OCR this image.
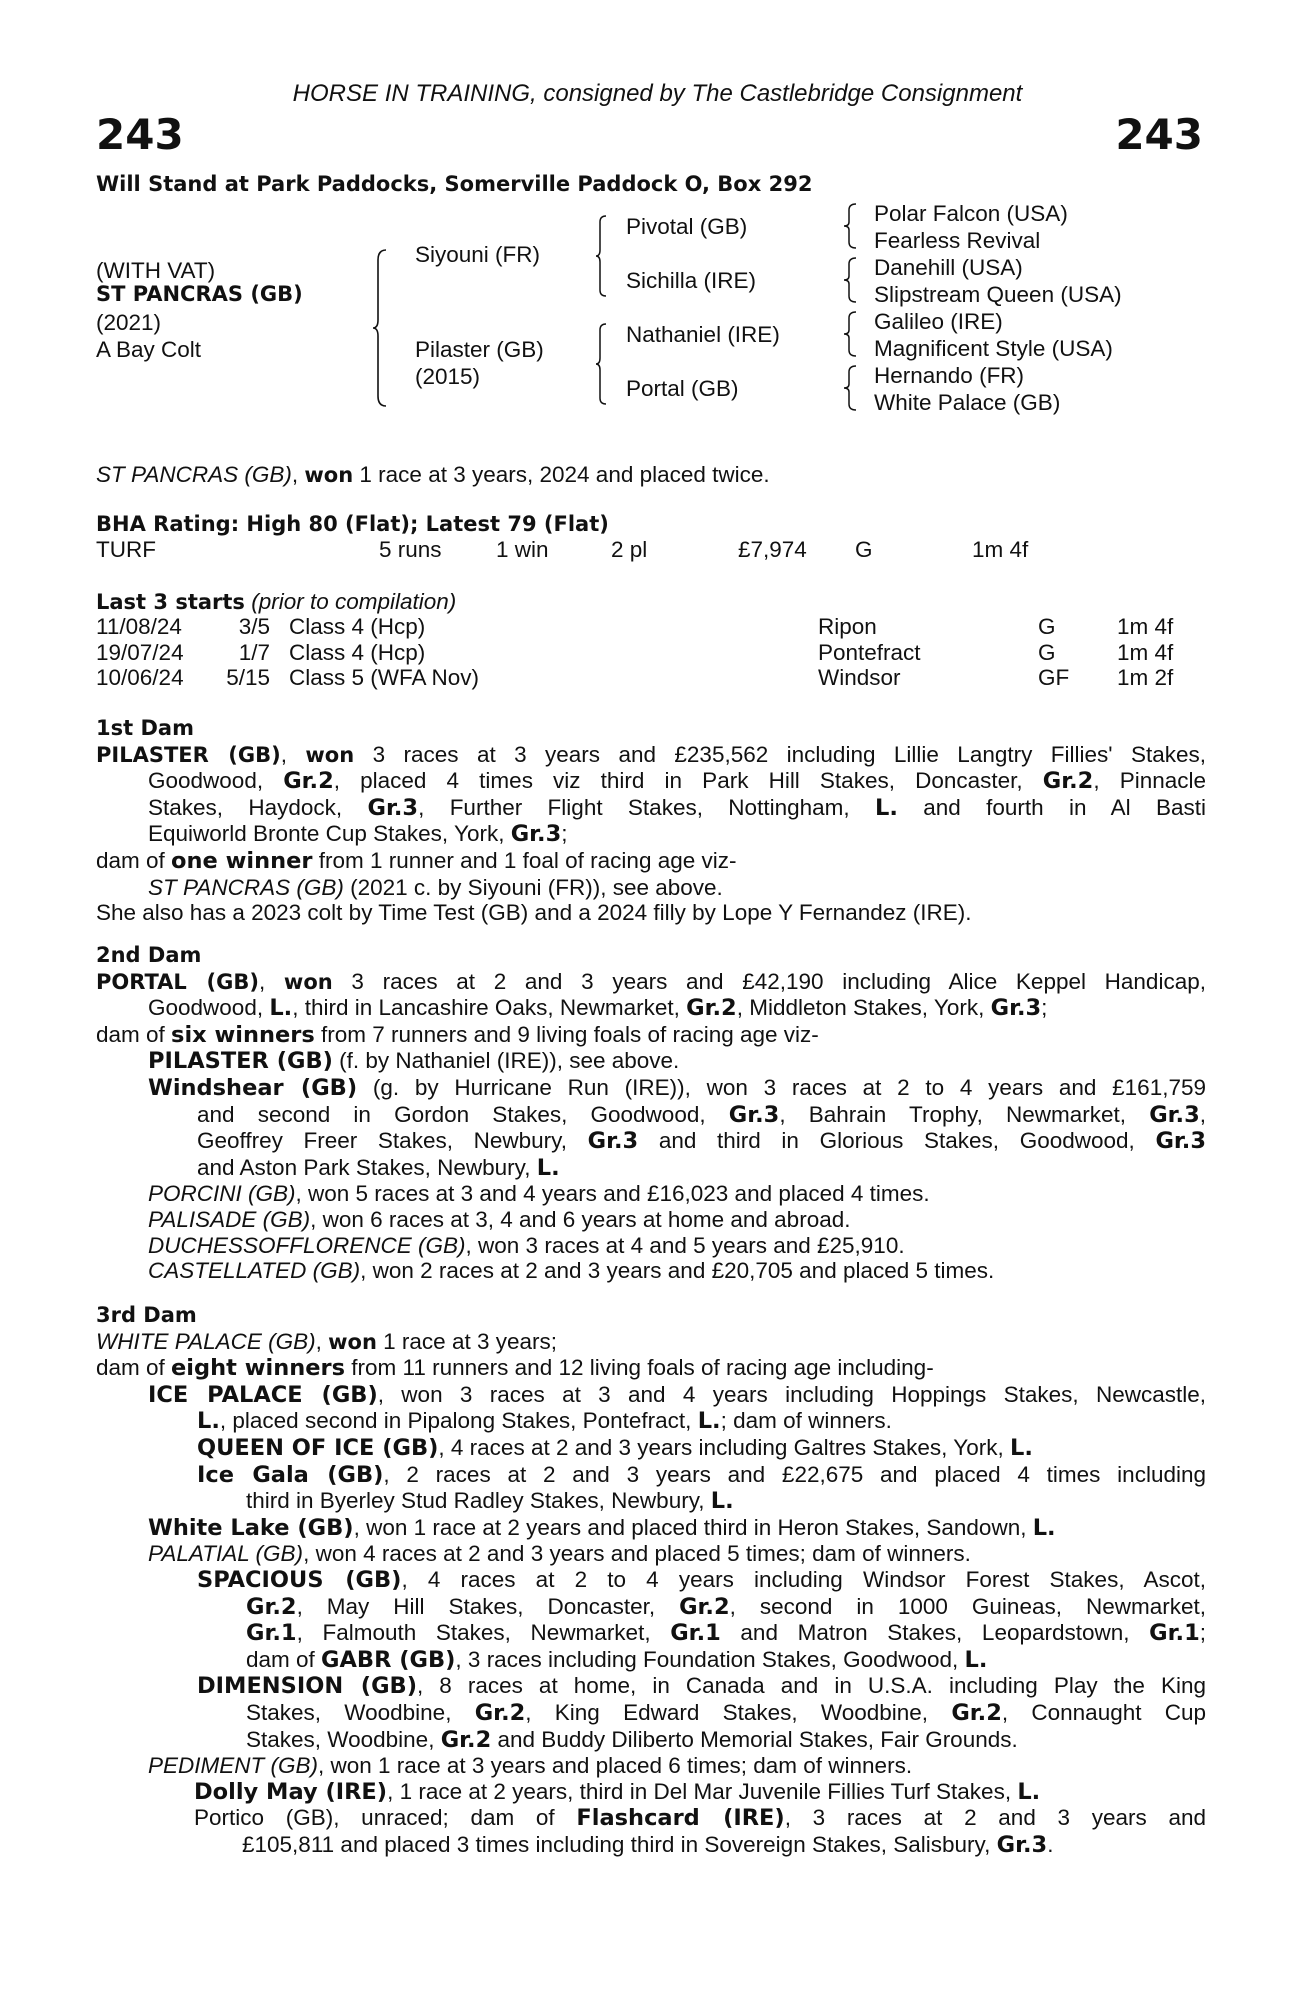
HORSE IN TRAINING, consigned by The Castlebridge Consignment
243	243
Will Stand at Park Paddocks, Somerville Paddock O, Box 292
(WITH VAT)
ST PANCRAS (GB)
(2021)
A Bay Colt
Siyouni (FR)
Pilaster (GB)
(2015)
Pivotal (GB)
Sichilla (IRE)
Nathaniel (IRE)
Portal (GB)
Polar Falcon (USA)
Fearless Revival
Danehill (USA)
Slipstream Queen (USA)
Galileo (IRE)
Magnificent Style (USA)
Hernando (FR)
White Palace (GB)
ST PANCRAS (GB), won 1 race at 3 years, 2024 and placed twice.
BHA Rating: High 80 (Flat); Latest 79 (Flat)
TURF	5 runs 1 win	2 pl	£7,974 G	1m 4f
Last 3 starts (prior to compilation)
11/08/24	3/5 Class 4 (Hcp)	Ripon	G	1m 4f
19/07/24	1/7 Class 4 (Hcp)	Pontefract	G	1m 4f
10/06/24 5/15 Class 5 (WFA Nov)	Windsor	GF 1m 2f
1st Dam
PILASTER (GB), won 3 races at 3 years and £235,562 including Lillie Langtry Fillies' Stakes,
Goodwood, Gr.2, placed 4 times viz third in Park Hill Stakes, Doncaster, Gr.2, Pinnacle
Stakes, Haydock, Gr.3, Further Flight Stakes, Nottingham, L. and fourth in Al Basti
Equiworld Bronte Cup Stakes, York, Gr.3;
dam of one winner from 1 runner and 1 foal of racing age viz-
ST PANCRAS (GB) (2021 c. by Siyouni (FR)), see above.
She also has a 2023 colt by Time Test (GB) and a 2024 filly by Lope Y Fernandez (IRE).
2nd Dam
PORTAL (GB), won 3 races at 2 and 3 years and £42,190 including Alice Keppel Handicap,
Goodwood, L., third in Lancashire Oaks, Newmarket, Gr.2, Middleton Stakes, York, Gr.3;
dam of six winners from 7 runners and 9 living foals of racing age viz-
PILASTER (GB) (f. by Nathaniel (IRE)), see above.
Windshear (GB) (g. by Hurricane Run (IRE)), won 3 races at 2 to 4 years and £161,759
and second in Gordon Stakes, Goodwood, Gr.3, Bahrain Trophy, Newmarket, Gr.3,
Geoffrey Freer Stakes, Newbury, Gr.3 and third in Glorious Stakes, Goodwood, Gr.3
and Aston Park Stakes, Newbury, L.
PORCINI (GB), won 5 races at 3 and 4 years and £16,023 and placed 4 times.
PALISADE (GB), won 6 races at 3, 4 and 6 years at home and abroad.
DUCHESSOFFLORENCE (GB), won 3 races at 4 and 5 years and £25,910.
CASTELLATED (GB), won 2 races at 2 and 3 years and £20,705 and placed 5 times.
3rd Dam
WHITE PALACE (GB), won 1 race at 3 years;
dam of eight winners from 11 runners and 12 living foals of racing age including-
ICE PALACE (GB), won 3 races at 3 and 4 years including Hoppings Stakes, Newcastle,
L., placed second in Pipalong Stakes, Pontefract, L.; dam of winners.
QUEEN OF ICE (GB), 4 races at 2 and 3 years including Galtres Stakes, York, L.
Ice Gala (GB), 2 races at 2 and 3 years and £22,675 and placed 4 times including
third in Byerley Stud Radley Stakes, Newbury, L.
White Lake (GB), won 1 race at 2 years and placed third in Heron Stakes, Sandown, L.
PALATIAL (GB), won 4 races at 2 and 3 years and placed 5 times; dam of winners.
SPACIOUS (GB), 4 races at 2 to 4 years including Windsor Forest Stakes, Ascot,
Gr.2, May Hill Stakes, Doncaster, Gr.2, second in 1000 Guineas, Newmarket,
Gr.1, Falmouth Stakes, Newmarket, Gr.1 and Matron Stakes, Leopardstown, Gr.1;
dam of GABR (GB), 3 races including Foundation Stakes, Goodwood, L.
DIMENSION (GB), 8 races at home, in Canada and in U.S.A. including Play the King
Stakes, Woodbine, Gr.2, King Edward Stakes, Woodbine, Gr.2, Connaught Cup
Stakes, Woodbine, Gr.2 and Buddy Diliberto Memorial Stakes, Fair Grounds.
PEDIMENT (GB), won 1 race at 3 years and placed 6 times; dam of winners.
Dolly May (IRE), 1 race at 2 years, third in Del Mar Juvenile Fillies Turf Stakes, L.
Portico (GB), unraced; dam of Flashcard (IRE), 3 races at 2 and 3 years and
£105,811 and placed 3 times including third in Sovereign Stakes, Salisbury, Gr.3.
